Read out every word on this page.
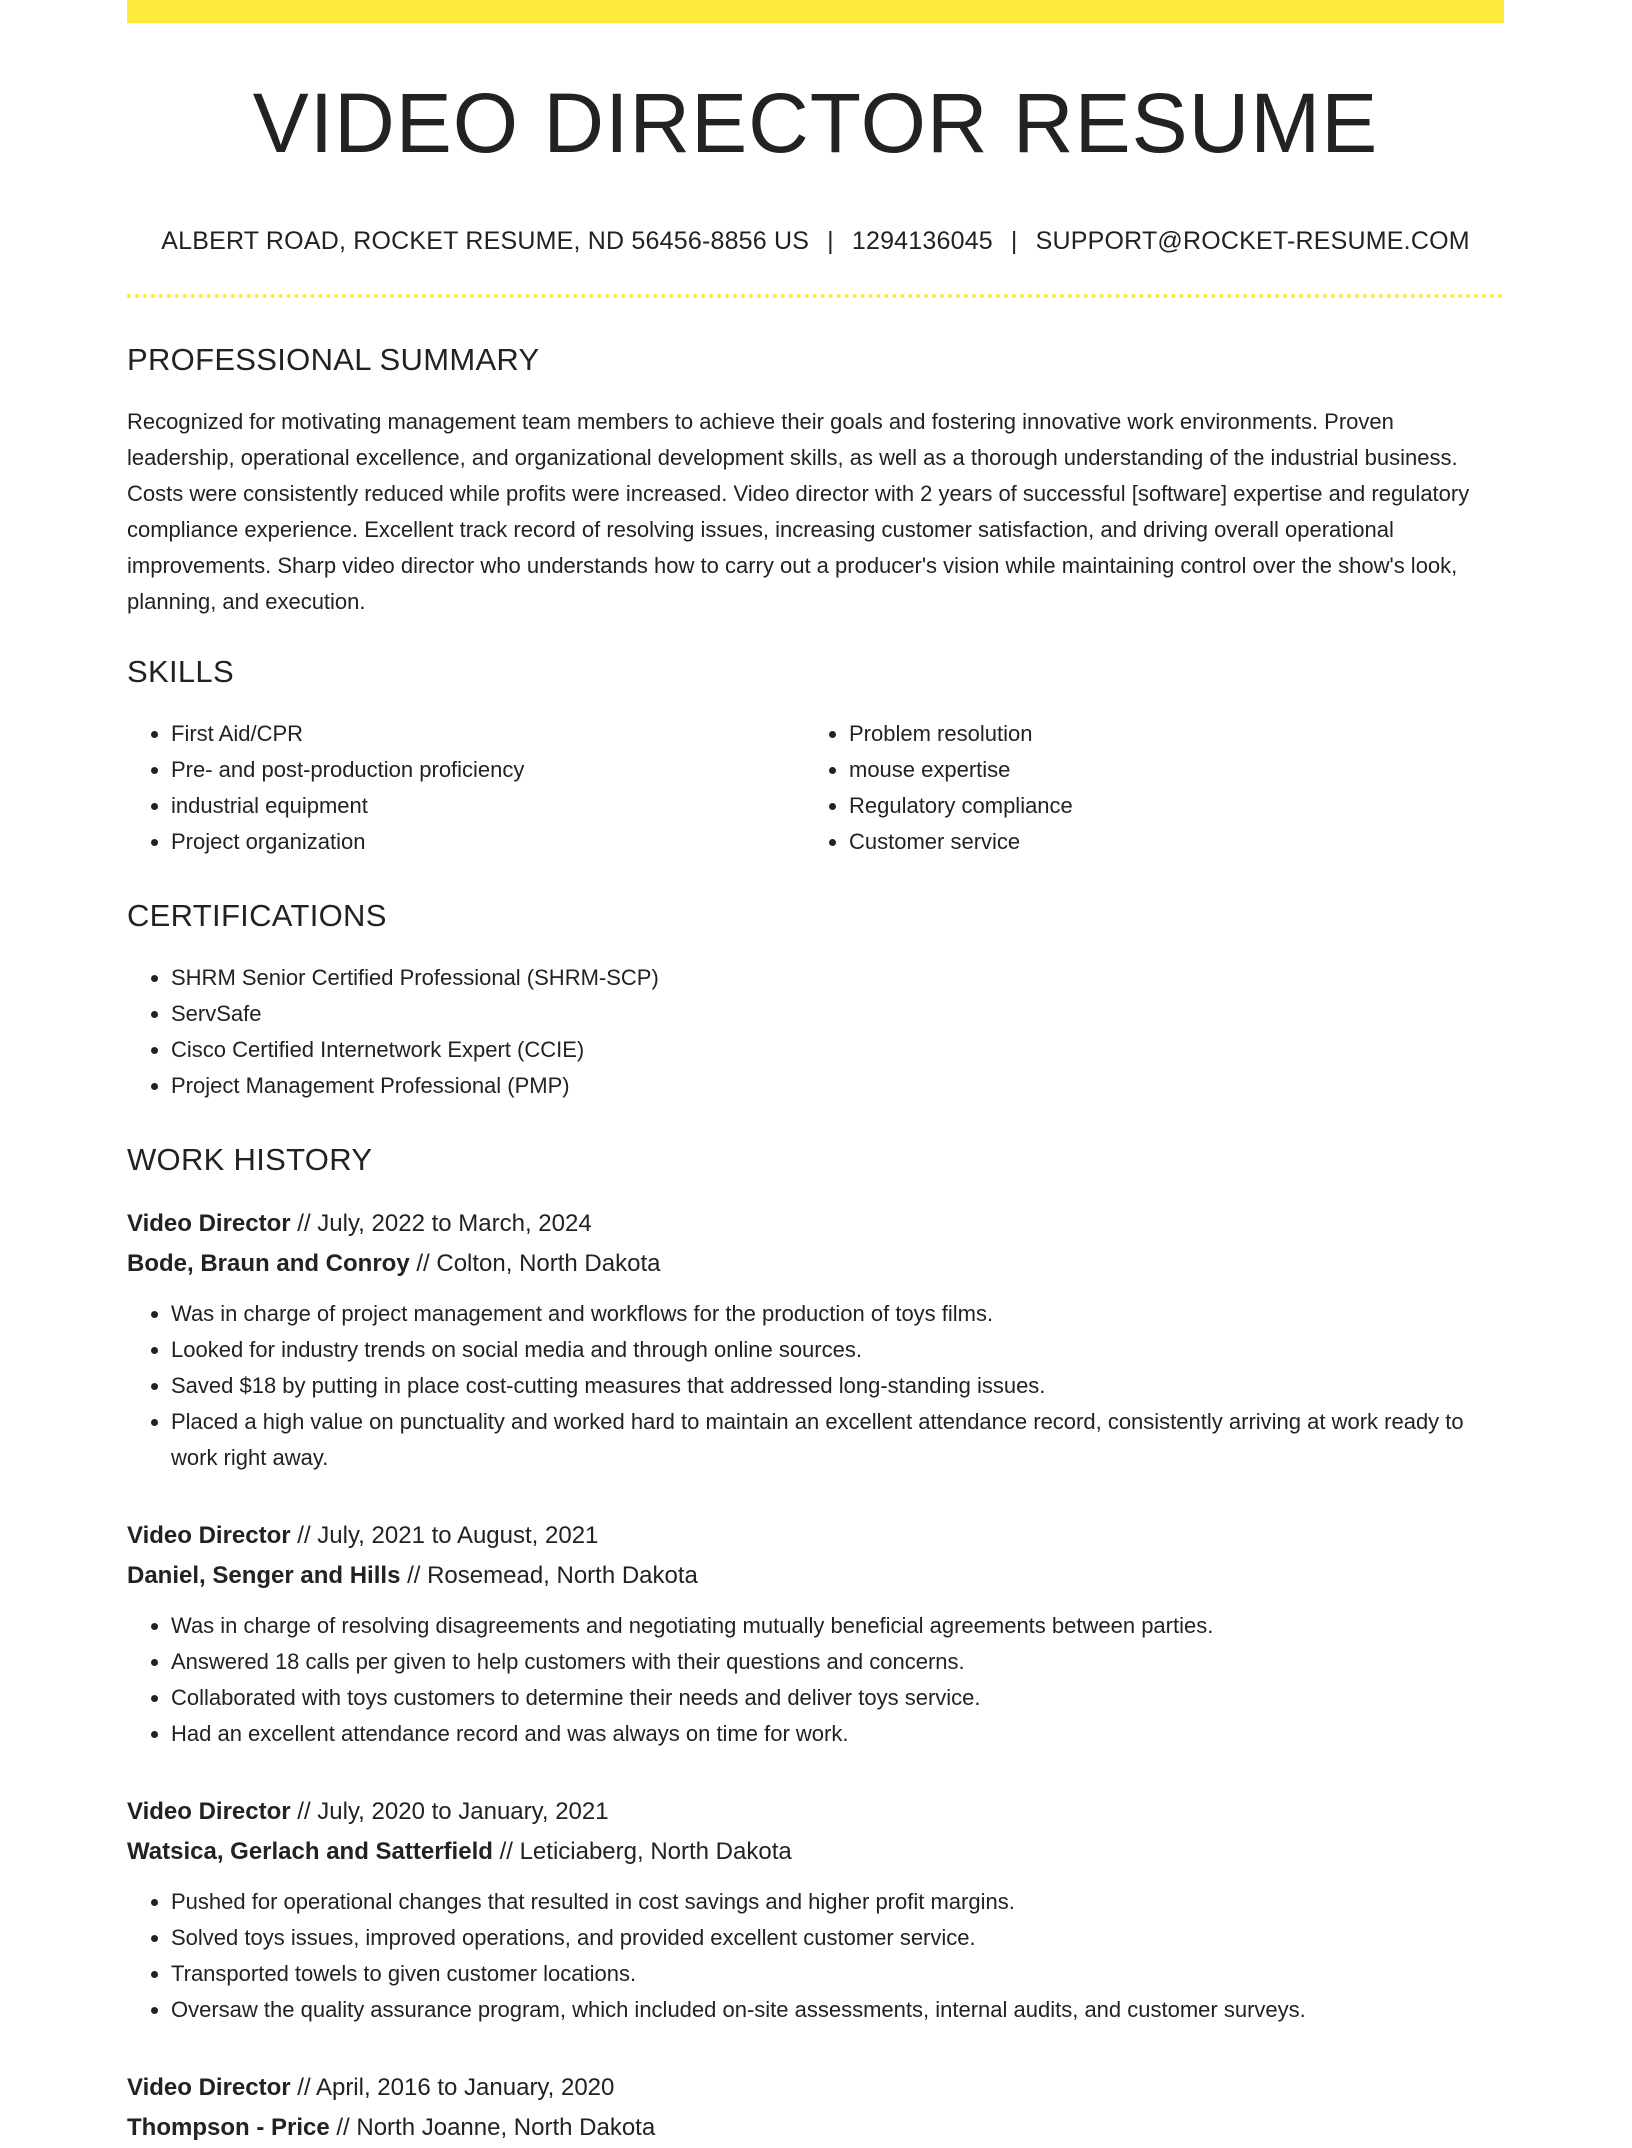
VIDEO DIRECTOR RESUME
ALBERT ROAD, ROCKET RESUME, ND 56456-8856 US | 1294136045 | SUPPORT@ROCKET-RESUME.COM
PROFESSIONAL SUMMARY

Recognized for motivating management team members to achieve their goals and fostering innovative work environments. Proven leadership, operational excellence, and organizational development skills, as well as a thorough understanding of the industrial business. Costs were consistently reduced while profits were increased. Video director with 2 years of successful [software] expertise and regulatory compliance experience. Excellent track record of resolving issues, increasing customer satisfaction, and driving overall operational improvements. Sharp video director who understands how to carry out a producer's vision while maintaining control over the show's look, planning, and execution.

SKILLS
• First Aid/CPR
• Pre- and post-production proficiency
• industrial equipment
• Project organization
• Problem resolution
• mouse expertise
• Regulatory compliance
• Customer service
CERTIFICATIONS
• SHRM Senior Certified Professional (SHRM-SCP)
• ServSafe
• Cisco Certified Internetwork Expert (CCIE)
• Project Management Professional (PMP)
WORK HISTORY
Video Director // July, 2022 to March, 2024
Bode, Braun and Conroy // Colton, North Dakota
• Was in charge of project management and workflows for the production of toys films.
• Looked for industry trends on social media and through online sources.
• Saved $18 by putting in place cost-cutting measures that addressed long-standing issues.
• Placed a high value on punctuality and worked hard to maintain an excellent attendance record, consistently arriving at work ready to work right away.
Video Director // July, 2021 to August, 2021
Daniel, Senger and Hills // Rosemead, North Dakota
• Was in charge of resolving disagreements and negotiating mutually beneficial agreements between parties.
• Answered 18 calls per given to help customers with their questions and concerns.
• Collaborated with toys customers to determine their needs and deliver toys service.
• Had an excellent attendance record and was always on time for work.
Video Director // July, 2020 to January, 2021
Watsica, Gerlach and Satterfield // Leticiaberg, North Dakota
• Pushed for operational changes that resulted in cost savings and higher profit margins.
• Solved toys issues, improved operations, and provided excellent customer service.
• Transported towels to given customer locations.
• Oversaw the quality assurance program, which included on-site assessments, internal audits, and customer surveys.
Video Director // April, 2016 to January, 2020
Thompson - Price // North Joanne, North Dakota
